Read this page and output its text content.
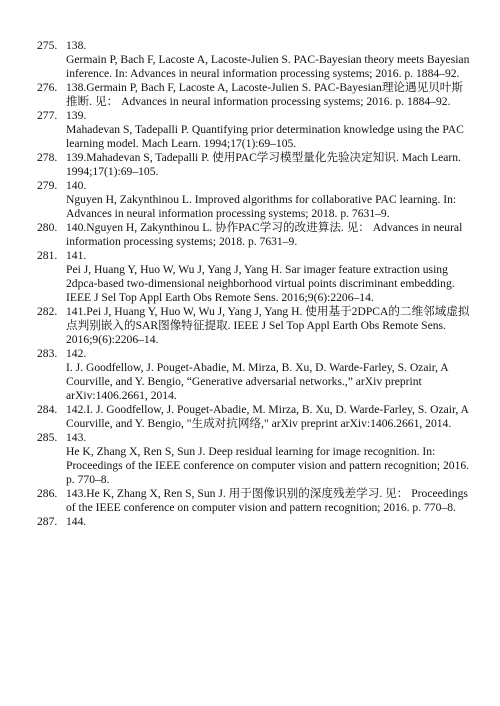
275. 138.
Germain P, Bach F, Lacoste A, Lacoste-Julien S. PAC-Bayesian theory meets Bayesian inference. In: Advances in neural information processing systems; 2016. p. 1884–92.
276. 138.Germain P, Bach F, Lacoste A, Lacoste-Julien S. PAC-Bayesian理论遇见贝叶斯推断. 见： Advances in neural information processing systems; 2016. p. 1884–92.
277. 139.
Mahadevan S, Tadepalli P. Quantifying prior determination knowledge using the PAC learning model. Mach Learn. 1994;17(1):69–105.
278. 139.Mahadevan S, Tadepalli P. 使用PAC学习模型量化先验决定知识. Mach Learn. 1994;17(1):69–105.
279. 140.
Nguyen H, Zakynthinou L. Improved algorithms for collaborative PAC learning. In: Advances in neural information processing systems; 2018. p. 7631–9.
280. 140.Nguyen H, Zakynthinou L. 协作PAC学习的改进算法. 见： Advances in neural information processing systems; 2018. p. 7631–9.
281. 141.
Pei J, Huang Y, Huo W, Wu J, Yang J, Yang H. Sar imager feature extraction using 2dpca-based two-dimensional neighborhood virtual points discriminant embedding. IEEE J Sel Top Appl Earth Obs Remote Sens. 2016;9(6):2206–14.
282. 141.Pei J, Huang Y, Huo W, Wu J, Yang J, Yang H. 使用基于2DPCA的二维邻域虚拟点判别嵌入的SAR图像特征提取. IEEE J Sel Top Appl Earth Obs Remote Sens. 2016;9(6):2206–14.
283. 142.
I. J. Goodfellow, J. Pouget-Abadie, M. Mirza, B. Xu, D. Warde-Farley, S. Ozair, A Courville, and Y. Bengio, “Generative adversarial networks.,” arXiv preprint arXiv:1406.2661, 2014.
284. 142.I. J. Goodfellow, J. Pouget-Abadie, M. Mirza, B. Xu, D. Warde-Farley, S. Ozair, A Courville, and Y. Bengio, "生成对抗网络," arXiv preprint arXiv:1406.2661, 2014.
285. 143.
He K, Zhang X, Ren S, Sun J. Deep residual learning for image recognition. In: Proceedings of the IEEE conference on computer vision and pattern recognition; 2016. p. 770–8.
286. 143.He K, Zhang X, Ren S, Sun J. 用于图像识别的深度残差学习. 见： Proceedings of the IEEE conference on computer vision and pattern recognition; 2016. p. 770–8.
287. 144.
